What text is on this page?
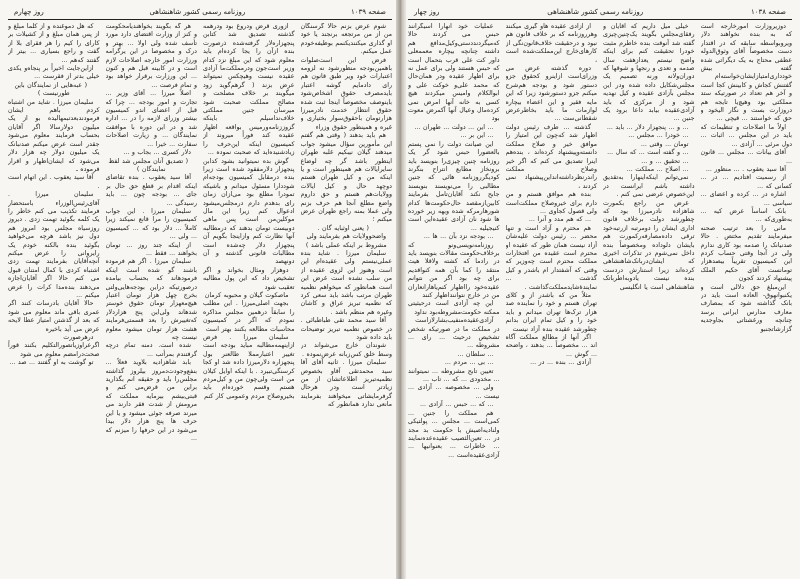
صفحه ۱۰۳۹
روزنامه رسمی کشور شاهنشاهی
روز چهارم

شوم عرض بزنم حالا گرسنگان من از من مرتجعه برنجند یا خود او گذاری میکنندیکنمم بوظیفه‌خودم عمل میکنم.

فرض این است‌صلوات باهمین‌بودجه منظورشود نه لزومه اعتبارات خود ویر طبق قانون هم رای دادمایم گوشه اعتبار باید‌مصرف حقوق اشخاص‌شود باینوصف مخصوصاً اینجا ثبت شده حقوق انتظار خدمت نادرمیرزا هزارتومان باحقوق‌سوار بختیاری و غیره و همینطور حقوق وزراء

هم باید بدهند ( وقتی هم گفتم این مأمورین سؤال میشود جواب میدهند گیلان نیبکیم غلبه طهران اینطور باشد گر چه لوضاع سایرایالات هم همینطور است و یا اینکه من و کیل طهران هستم دوچهد حال و کیل ایالات وولایات‌هم هستم و حق داروم واضع مطلع آنجا هم حرف بزنم ولی عملا بمنه راجع طهران عرض میکنم ؛

( یعنی اوثبایه گان . واضحوولایات هم بفرمایند ولی مشروط بر اینکه عملی باشد )

سلیمان میرزا . شاید بنده عملی‌نیستم ولی عقیده‌ام این است وهنوز این لزوی عقیده از من سلب نشده است غرض این است همانطور که میخواهم نظمیه طهران مرتب باشد باید سعی کرد که نظمیه تبریز عراق و کاشان وغیره هم منظم باشد .

آقا سید محمد تقی طباطبائی . در خصوص نظمیه تبریز توضیحات باید داده شود

شوندان خارج می‌شواند در وسط خلق کس‌زبانه عرض‌نموده .

سلیمان میرزا . ثانیه آقای آقا سید محمدتقی آقاو بخصوص نظمیه‌تبریز اطلاعاتشان از من زیادتر است ودر هرحال گرفرمایشاتی میخواهند بفرمایند مانعی ندارد همانطور که

ازوری قرض ودروغ بود ودرهمه گذشته تصدیق شد کتابن پنجهزاره‌لار گرفته‌شده ذرصورت بنده ازآن را یجا کرده‌ام باید معلوم شود که این مبلغ نزد کدام وزیر است‌جون ودرمملکت‌ما آزادی عقیده نیست وهیچکس نمیتواند عرض بزند ( گرهم‌گوید زود میگویند بر خلاف مصلحت و مصالح مملکت صحبت شود میرسان جنین مملکتی خلاف‌نداسیلم باینکه گزوززنامه‌ورمیس بواقعه اظهار عقیده کند فوراً میروند از کمیسیون اینکه این‌حرف را زیاد‌شنیده‌اید که صحبت نموده ...

گوش بده نمیتوانید بشود کدابن پنجهزار دلارمفقود شده است زیرا بنده درمقابل کمیسیون بودجه‌ام شود‌دارا مسئول میدانم و باشیکه تمودرا مطلع بود می‌ازان زمان رای بدهدم دارم درمجلس‌میشود ادعوال کنم زیرا این مال موکلین‌من است پس ماهی دوبیست تومان بدهند که درمطالبه آنها نظارت کنم وازاینجا بگویم‌ آن پنجهزار دلار چه‌شده است مطالبات قانونی گذشته و آن دو‌نهصد

دوهزار ومثال بخواند و اگر تشخیص داد که این پول مطالبه تعقیب شود

ماصکوت گیلان و محبوبه کرمان

بجهت اصلی‌میرزا . این مطلب را سابقاً درهمین مجلس مذاکره نمودم که اگر در کمیسیون محاسبات مطالعه بکنند بهتر است

سلیمان میرزا . فرض ازاینهمه‌مطالبه مباید بودجه است تغییر اعتبارمملا طالعنر بول پنجهزاره دلارمیرزا داده شد او کجا کرسنگی‌تبیرد . با اینکه اوایل کیلان من است ولی‌چون من و کیل‌مردم هستم وقسم خورده‌ام باید بخیروصلاح مردم وعمومی کار کنم

هر گه بگویند بخواهندیامحکومت و کنز از وزارت اقتضای دارد مورد تأسف شده ولی اولا ... بهتر و درک و مخصوصا در این یرگرامه ورزارت امور خارجه اصلاحات لازم است و در کابینه قبل هم و کنون ... این ورزارت برقرار خواهد بود و تمام فرصت ...

اصلاً میرزا ... آقای وزیر ... تجارت و امور بودجه ... چرا که قبل از اعضای اندو کمیسیون بیشتر وزرای لازمه را در ... اداره شد و در این دوره با موافقت نمایندگان ... و زیارت اصلاحات سفارت ... خیرا ...

دلار کسری ... بجاب و ...

( تصدیق آنان مجلس شد لفظ نمایندگان )

آقا سید یعقوب . بنده تقاضای اینکه اقدام بر قطع حق حال بر جای ... بودجه چون ... باید رسیدگی ...

سلیمان میرزا . این جواب کمیسیون را مرا قانع نمیکند زیرا کاملاً ... دلار بود که ... کمیسیون ... ولی ...

از اینکه جند روز ... تومان بخواهند ... فقط ...

سلیمان میرزا . اگر هم فرموده باشند گو شده است اینکه فرمودهاند که بحساب بیامده درصورتیکه دراین بودجه‌هایی‌ولتی بخرج چهل هزار تومان اعتبار هیچ‌معهزار تومان حقوق خوستر شدهاند ولی‌این پنج هزاردلار که‌تغییرش را بعد قسمتی‌فرمایند هشت هزار تومان میشود معلوم نیست چه

شده است. دمنه تمام درچه گرفتندم بمرأتب ...

بابد شاهزادیه بلاوید فعلاً ... بنفع‌وجودت‌دمروز بیلروز گذاشته مجلس‌را باید و حقیقه انم بگذارید براین من قرض‌می کنم و قبتی‌بیشم بیرمایه‌ مملکت که مرومش از شدت فقر دارند می میرند صرفه‌ جوئی میشود و یا این حرف ها پنج هزار دلار بیدا می‌شود در این حرفها را میزنم که ...

که هل دموغنده و از کلما مبلغ و از پس همان مبلغ و از کشیلات بر کارای را کیم را هر فقرای بلا از گفت و راجع بسیاری ... بیتر از گفتند که‌هم ...

ازاین‌جایت اخیراً بر پنجاه‌و یکدی خیلی بدتر از فقرست ...

( عبه‌هایی از نمایندگان باین طورنیست )

سلیمان میرزا . شاید من اشتباه کردم باهم ایشان فرمودندبعدتبمهالیده بو از یک میلیون دولارسالا اگر آقایان بحساب فرمایند معلوم می‌شود جقدر است عرض میکنم صدنبانک یک میلیون دولار چه هزار دلار می‌شود که ایشان‌اظهار و اقرار فرموده ـ

آقا سید یعقوب . این اتهام است .

سلیمان میرزا . آقای‌رئیس‌الوزراء باستحضار فرمایند تکذیب می کنم خاطر را یک کلمه بگوئید تهمت زدی . دیروز روزسیاه مجلس بود امروز هم دول نیز باشد هرچه می‌خواهید بگوئید بنده بالکنه خودم یک رایروانی را عرض میکنم آنچه‌آقایان بفرمایند تهمت زدی اشتباه کردی با کمال امتنان قبول می کنم حالا اگر آقایان‌اجازه می‌دهند بنده‌مدا کرات را عرض میکنم ...

حالا آقایان بادرسات کنند اگر عمری باقی ماند معلوم می شود که بعد از گذشتن امتیاز عطا لایحه عرض می آید باخیره

درهرصورت اگرعراوزیاتصورالتکلیم بکنند قوراً صحت‌درامضم معلوم می شود

تو گوشت به او گفتند ... صد ...

صفحه ۱۰۳۸
روزنامه رسمی کشور شاهنشاهی
روز چهار

دوزیروزارت امورخارجه است که به بنده نخواهند دلار ویرو‌بواسطه سابقه که در اقتدار دست مخصوصاً آقای وثوق‌الدوله عطفی محتاج به یک دیگراتی شده گفته بیش خود‌داری‌امتیاز‌ایشان‌خواسته‌ام گفتنش کجاش و کابینش کجا است و آخر هم تعداد در صورتیکه ستد مملکتی بود وهیچ‌یا تایجه هم دروزارت بست و نگار الیخود‌ و حق که خواستند ... قیچی ...

اولاً ما اصلاحات و تنظیمات که باید در این مجلس ... اثبات ... دول مرئی ... آزادی ...

آقای بیانات ... مجلس ... قانون ...

آقا سید یعقوب . ... منظور ...

از رسمیت افتادیم ... در ... کسانی که ...

اشاره در ... کرده و اعضای ... سیاسی ...

بانک اساساً عرض کیه ... به‌طوری‌که ...

مانی را بعد ترتیب صحنه میفرمایند تقدیم مختص . حالا صدنیانک را صدمه بود کاری ندارم ولی در آنجا وقتی حساب کردم این کمیسیون تقریباً بیصدهزار تومانست آقای حکیم الملک پیشنهاد کردند کجون

این‌مبلغ حق دلالی است و یکنبوانهوق- العاده است باید در بانک گذاشته شود که بمصارف معارف مدارس ایرانی برسد چنانچه ورغشتاتی بجاوجدیه گزارشاتجنبو

خیلی میل داریم که آقایان و رفقای‌مجلس بگویند یک‌چنین‌چیزی گفته شد آنوقت بنده خاطرم مثبت خودرا تحقیقت کنم برای اینکه واضح نیستم یعدا‌زهفت سال صدمه و تعدی و رنجها و شوقها که دوران‌ولانه ورنه تصمیم یک مجلس‌شکایل داده شده ودر این مجلس بآزادی عقیده و کیل نهدیه شود و از مرکزی که باید آزادی‌عقیده بیابد داعا برود یک جنین ...

... و ... پنجهزار دلار ... باید ...

... خودرا ... مجلس ...

تومان ... وقتی ...

... و گفته است ... که سال ...

... تحقیق ... و ...

... اصلاح ... مملکت ...

نمی‌توانم اینکه‌اینهارا به‌تقدیق داشته باشم ایرانست در این‌خصوص عرضی نمی کنم .

غرض من راجع بکمورت شاهزاده نادرمیرزا بود که چطورشد دولت برخلاف قانون اداری ایشان را دومرتبه ازرتبه‌خود ترقی داده‌مصارفه‌رکمورت هم بایشان دلوداده ومخصوصاً بنده داخل نمی‌شوم در تذکرات‌ اخیری که ایشان‌دربانک‌شاهنشاهی کرده‌اند زیرا استنارش دردست بنده نیست یادوبه‌اطرباتک شاهنشاهی است یا انگلیسی

از آزادی عقیده هاو گیری میکنند وهرروزنامه که بر خلاف قانون هم نبود و درحقیقت خلاف‌قانون‌نگی از کارهای‌خارج این‌مملکت‌شده است ،

دوره گذشته عرض می وزرای‌است ازاینرو کحقوق جزو دستور شود و بودجه هم‌شرح میکنم جزو دستورشود زیرا که این مایه فقیر و این اعضاء بیچاره لوازمات ما باید بخاطرعرض شقطانی‌ست ...

گذشته ... طرف رئیس دولت اظهار شد که‌چون این امتیاز را موافق خیر و صلاح مملکت دانسته‌وپیشنهاد کرده‌اند ، بنده‌هم اینرا تصدیق می کنم که اگر خیر وصلاح مملکت راندر‌نظرداشته‌اند‌این‌پیشنهاد نمی کردند ،

بنده هم موافق هستم و من دارم برای خیروصلاح مملکت‌است ولی قصول کجاوی ...

... که هم مدد و آنرا ...

هم محترم و آزاد است و تنها محضر ... رئیس دولت علیه‌شان آزاد نیست همان طور که عقیده او محترم است عقیده من افتخارات مملکت محترم است چه‌وزیر که وقتی که آشفتدار ام باشدر و کیل گذشت ... نمایندهٔ‌شاید‌مملکت‌گذاشت .

مثلاً من که باشدر از و کلای تهران هستم و خود را نماینده صد هزار ترک‌‌ها تهران میدانم و باید خود را و کیل تمام ایران بدانم چطور‌شد عقیده بنده آزاد نیست

اگر آنها از مطالع مملکت آگاه اند ... مخصوصاً ... بدهند ، واضحه ... گوش ...

آزادی ... بنده ... در ...

عملیات خود آنهارا اسیگرانند حبس می کردند حالا که‌میگردند‌دستی‌وکیل‌مدافع هم داشته چنانچه بیچاره معممعلی داور کت علی قرب‌ بتحمال است که حبس هستند ولی برای عمل نه برای اظهار عقیده ودر همان‌حال که محمد علی‌و خوکت علی و ابوالکلام وامیس میکردند هیچ کسی به خانه آنها امرض نمی کرده‌مال وعیال آنها آکمرض معوت بود

... این ... دولت ... طهران‌ ...

... این بر ...

این صیانت دولت را نمی پستم بالعضو‌را حبس شود گر یک روزنامه چنین چیزی‌را بنویسد باید برونخا‌ز مطابع انتراح بنگرند کودیگرروزنامه هائی که جنین مطالبی را می‌نویسند بنویسند جابح نکند آقایان‌تامل بفرمایند ‌کابین‌ازمقصد حال‌حکومت‌ها کدام شور‌هارمرکه شده ویهه زیر خورده ها‌ شود نان آزادی عقیده‌این است کنیجیلیه ...

... بودجه نزد بآن ... ها ...

روزنامه‌نویسی‌ونو که برخلاف‌حکومت مقالات بنویسد باید در رادما که کشته ولاقلا هیث منتقد را کما بآن همه کنواقدیم برای چه بود اگر من نتوانم عقیده‌خود را‌اظهار کنم‌یا‌هارانعاران من در خارج نتوانند‌اظهار کنند

این چه آزادی است درحیثیتی ممکنه حکومت‌مشروطه‌بود نداود

آزادی‌عقیده‌منفیب‌بشارلازاست در مملکت ما در صورتیکه شخص تشخیص درحیث ... رای ... مشروطه ...

... سلطان ...

... بی ... مردم ...

تعیین تابح مشروطه ... نمیتوانند ... مخدودی ... که ... تاب ...

ولی ... مخصوصه ... آزادی ... نیست ...

... که ... حبس ... آزادی ...

هم مملکت را جنین ... کمی‌است ... مجلس ... پولتیکی ولنادیه‌اصیش با حکومت بد مجد در ... تعین‌الثصیب عقیده‌عده‌نمایند ... خاطرات ... بعنوانیها ... آزادی‌عقیده‌است ...
